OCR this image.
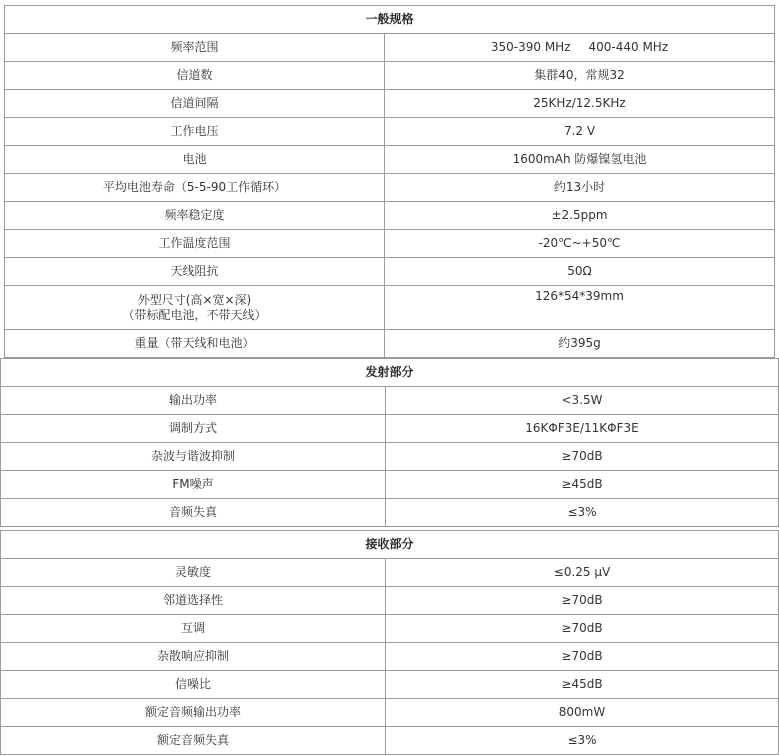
一般规格	
频率范围	350-390 MHz 400-440 MHz
信道数	集群40，常规32
信道间隔	25KHz/12.5KHz
工作电压	7.2 V
电池	1600mAh 防爆镍氢电池
平均电池寿命（5-5-90工作循环）	约13小时
频率稳定度	±2.5ppm
工作温度范围	-20℃~+50℃
天线阻抗	50Ω

外型尺寸(高×宽×深)
（带标配电池，不带天线）	126*54*39mm
重量（带天线和电池）	约395g
发射部分	
输出功率	<3.5W
调制方式	16KΦF3E/11KΦF3E
杂波与谐波抑制	≥70dB
FM噪声	≥45dB
音频失真	≤3%
接收部分	
灵敏度	≤0.25 μV
邻道选择性	≥70dB
互调	≥70dB
杂散响应抑制	≥70dB
信噪比	≥45dB
额定音频输出功率	800mW
额定音频失真	≤3%
